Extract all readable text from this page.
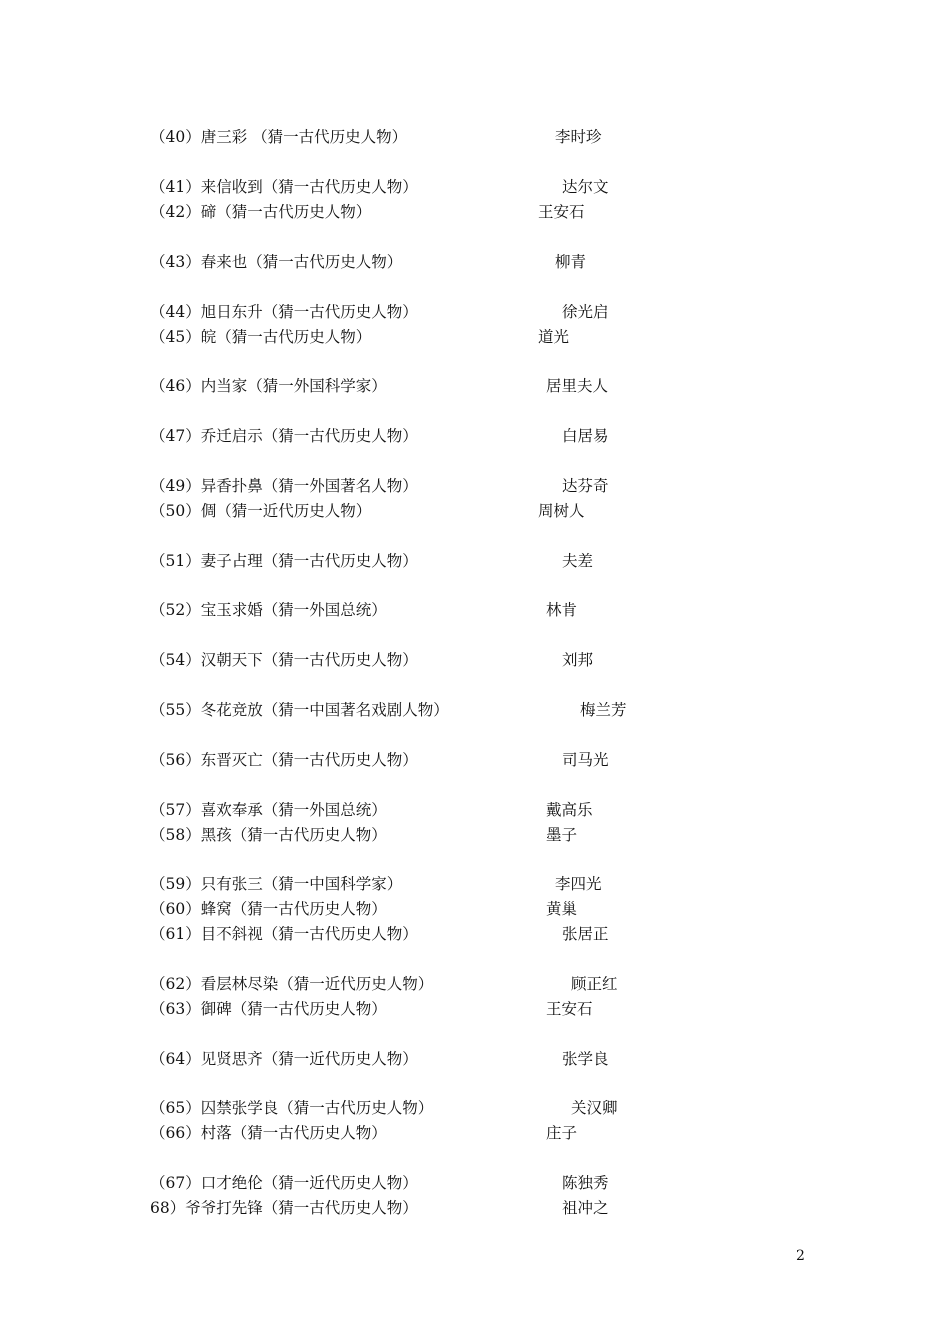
（40）唐三彩 （猜一古代历史人物）	李时珍
（41）来信收到（猜一古代历史人物）	达尔文
（42）碲（猜一古代历史人物）	王安石
（43）春来也（猜一古代历史人物）	柳青
（44）旭日东升（猜一古代历史人物）	徐光启
（45）皖（猜一古代历史人物）	道光
（46）内当家（猜一外国科学家）	居里夫人
（47）乔迁启示（猜一古代历史人物）	白居易
（49）异香扑鼻（猜一外国著名人物）	达芬奇
（50）倜（猜一近代历史人物）	周树人
（51）妻子占理（猜一古代历史人物）	夫差
（52）宝玉求婚（猜一外国总统）	林肯
（54）汉朝天下（猜一古代历史人物）	刘邦
（55）冬花竞放（猜一中国著名戏剧人物）	梅兰芳
（56）东晋灭亡（猜一古代历史人物）	司马光
（57）喜欢奉承（猜一外国总统）	戴高乐
（58）黑孩（猜一古代历史人物）	墨子
（59）只有张三（猜一中国科学家）	李四光
（60）蜂窝（猜一古代历史人物）	黄巢
（61）目不斜视（猜一古代历史人物）	张居正
（62）看层林尽染（猜一近代历史人物）	顾正红
（63）御碑（猜一古代历史人物）	王安石
（64）见贤思齐（猜一近代历史人物）	张学良
（65）囚禁张学良（猜一古代历史人物）	关汉卿
（66）村落（猜一古代历史人物）	庄子
（67）口才绝伦（猜一近代历史人物）	陈独秀
68）爷爷打先锋（猜一古代历史人物）	祖冲之
2
